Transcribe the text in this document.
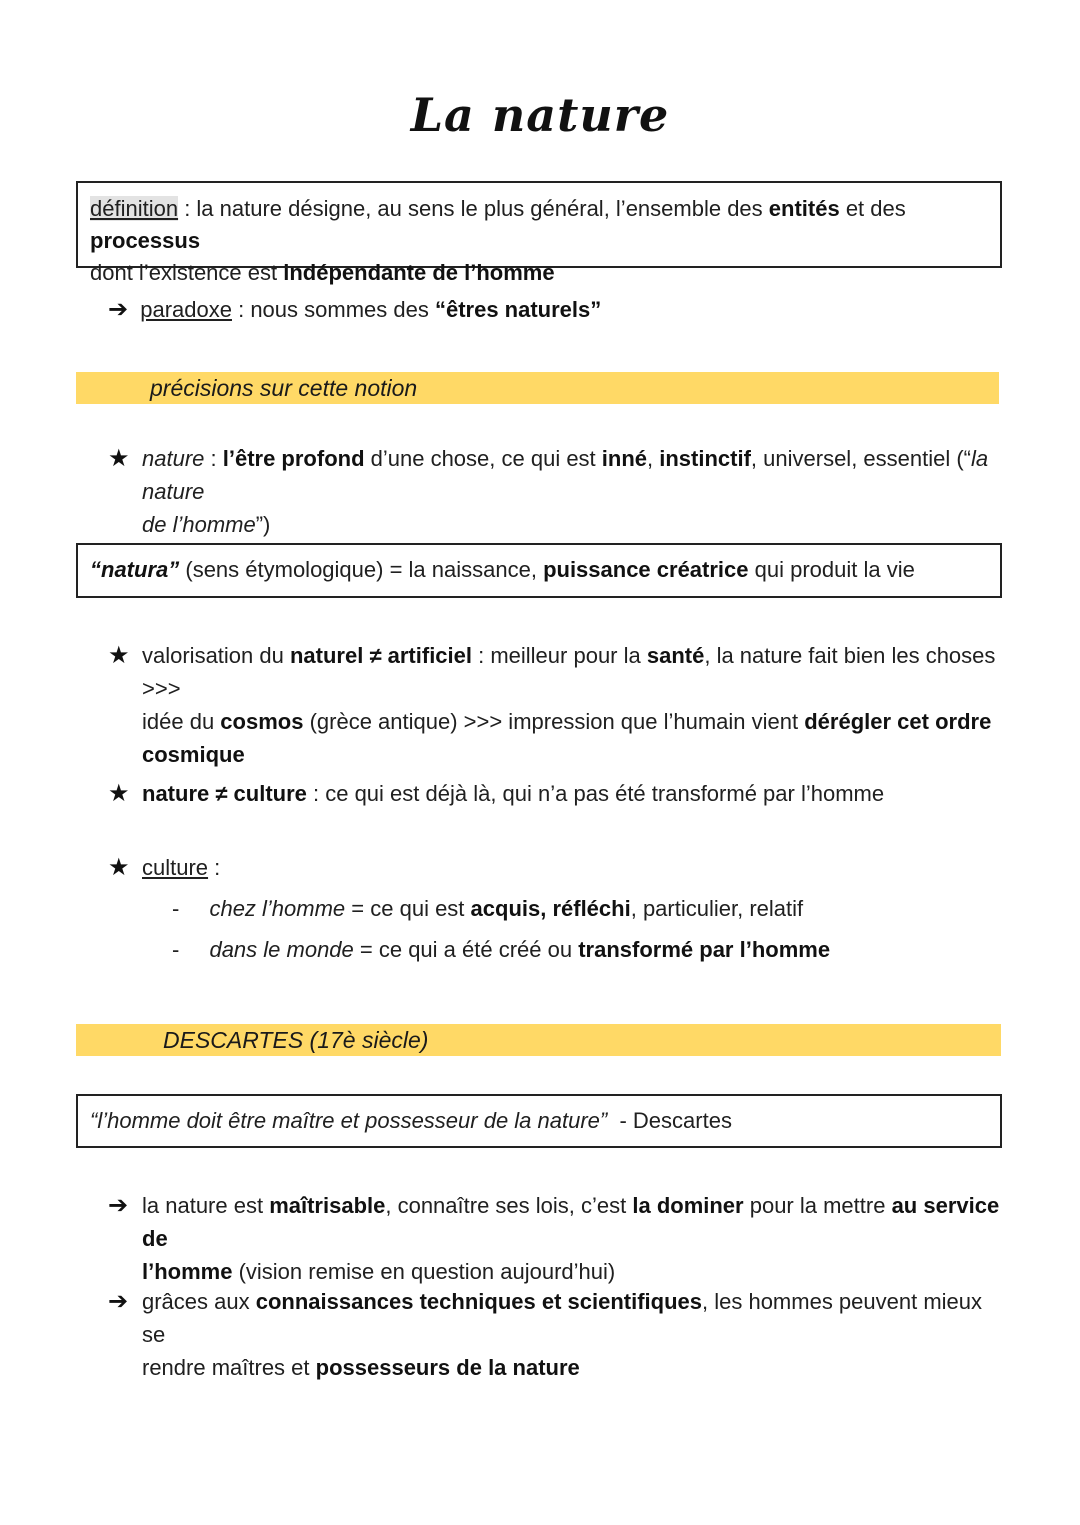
La nature
définition : la nature désigne, au sens le plus général, l’ensemble des entités et des processus
dont l’existence est indépendante de l’homme
➔ paradoxe : nous sommes des “êtres naturels”
précisions sur cette notion
★ nature : l’être profond d’une chose, ce qui est inné, instinctif, universel, essentiel (“la nature
de l’homme”)
“natura” (sens étymologique) = la naissance, puissance créatrice qui produit la vie
★ valorisation du naturel ≠ artificiel : meilleur pour la santé, la nature fait bien les choses >>>
idée du cosmos (grèce antique) >>> impression que l’humain vient dérégler cet ordre
cosmique
★ nature ≠ culture : ce qui est déjà là, qui n’a pas été transformé par l’homme
★ culture :
- chez l’homme = ce qui est acquis, réfléchi, particulier, relatif
- dans le monde = ce qui a été créé ou transformé par l’homme
DESCARTES (17è siècle)
“l’homme doit être maître et possesseur de la nature”  - Descartes
➔ la nature est maîtrisable, connaître ses lois, c’est la dominer pour la mettre au service de
l’homme (vision remise en question aujourd’hui)
➔ grâces aux connaissances techniques et scientifiques, les hommes peuvent mieux se
rendre maîtres et possesseurs de la nature
